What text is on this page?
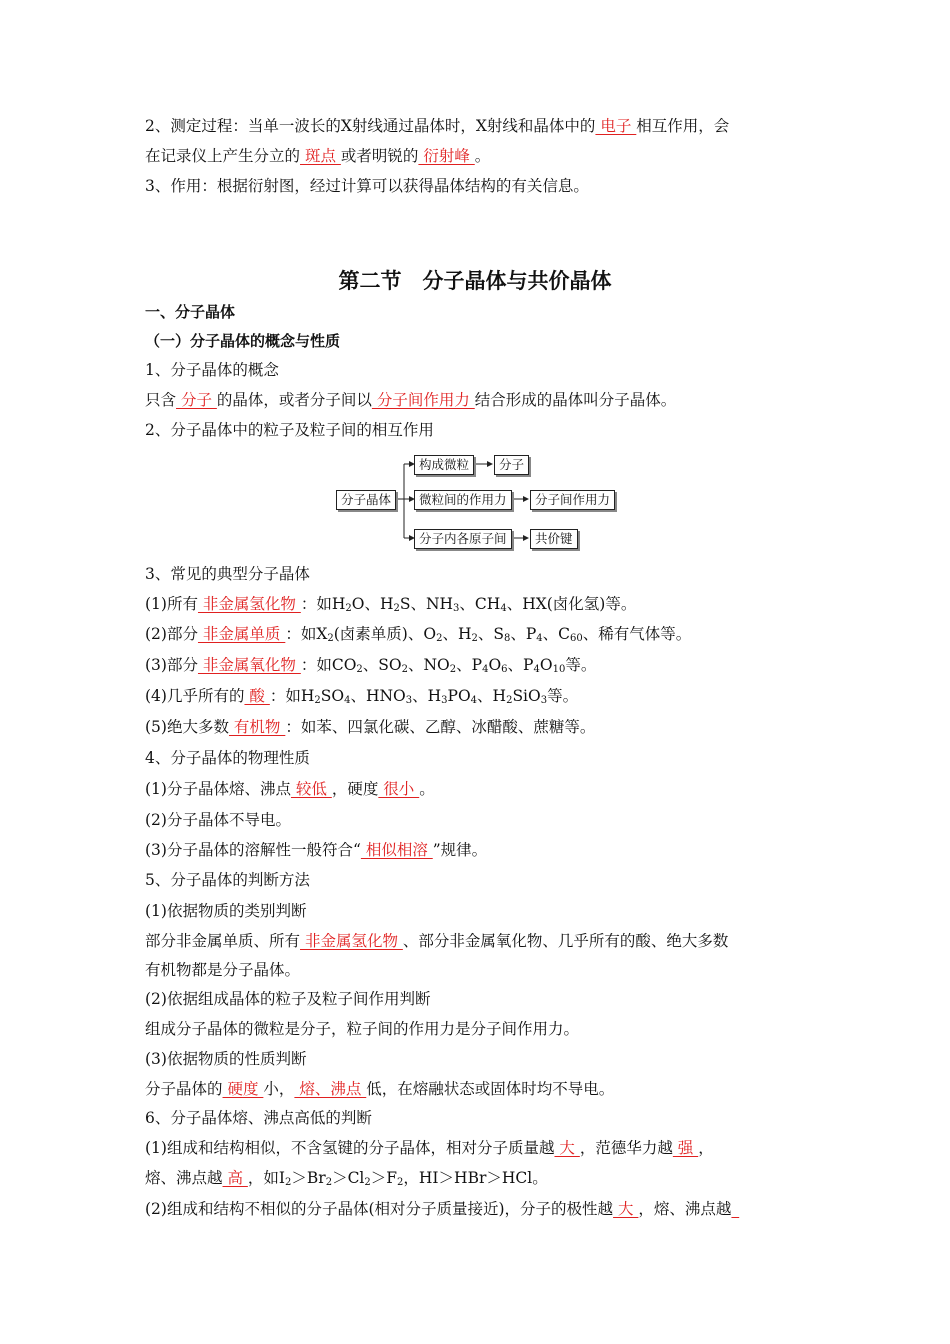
2、测定过程：当单一波长的X射线通过晶体时，X射线和晶体中的 电子 相互作用，会
在记录仪上产生分立的 斑点 或者明锐的 衍射峰 。
3、作用：根据衍射图，经过计算可以获得晶体结构的有关信息。
第二节　分子晶体与共价晶体
一、分子晶体
（一）分子晶体的概念与性质
1、分子晶体的概念
只含 分子 的晶体，或者分子间以 分子间作用力 结合形成的晶体叫分子晶体。
2、分子晶体中的粒子及粒子间的相互作用
分子晶体
构成微粒	分子
微粒间的作用力	分子间作用力
分子内各原子间	共价键
3、常见的典型分子晶体
(1)所有 非金属氢化物 ：如$H_2O$、$H_2S$、$NH_3$、$CH_4$、HX(卤化氢)等。
(2)部分 非金属单质 ：如$X_2$(卤素单质)、$O_2$、$H_2$、$S_8$、$P_4$、$C_{60}$、稀有气体等。
(3)部分 非金属氧化物 ：如$CO_2$、$SO_2$、$NO_2$、$P_4O_6$、$P_4O_{10}$等。
(4)几乎所有的 酸 ：如$H_2SO_4$、$HNO_3$、$H_3PO_4$、$H_2SiO_3$等。
(5)绝大多数 有机物 ：如苯、四氯化碳、乙醇、冰醋酸、蔗糖等。
4、分子晶体的物理性质
(1)分子晶体熔、沸点 较低 ，硬度 很小 。
(2)分子晶体不导电。
(3)分子晶体的溶解性一般符合“ 相似相溶 ”规律。
5、分子晶体的判断方法
(1)依据物质的类别判断
部分非金属单质、所有 非金属氢化物 、部分非金属氧化物、几乎所有的酸、绝大多数
有机物都是分子晶体。
(2)依据组成晶体的粒子及粒子间作用判断
组成分子晶体的微粒是分子，粒子间的作用力是分子间作用力。
(3)依据物质的性质判断
分子晶体的 硬度 小， 熔、沸点 低，在熔融状态或固体时均不导电。
6、分子晶体熔、沸点高低的判断
(1)组成和结构相似，不含氢键的分子晶体，相对分子质量越 大 ，范德华力越 强 ，
熔、沸点越 高 ，如$I_2>Br_2>Cl_2>F_2$，HI＞HBr＞HCl。
(2)组成和结构不相似的分子晶体(相对分子质量接近)，分子的极性越 大 ，熔、沸点越 
